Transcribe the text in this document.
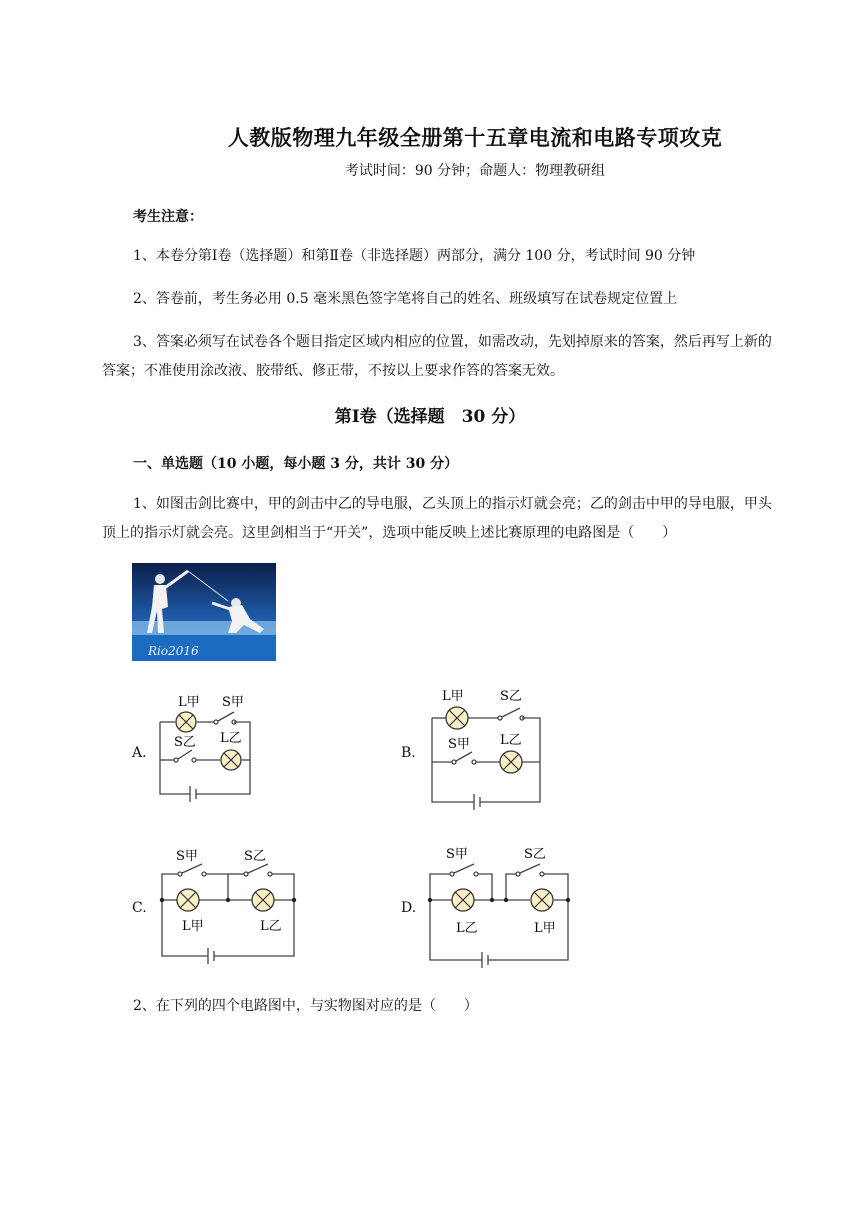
人教版物理九年级全册第十五章电流和电路专项攻克
考试时间：90 分钟；命题人：物理教研组
考生注意：
1、本卷分第Ⅰ卷（选择题）和第Ⅱ卷（非选择题）两部分，满分 100 分，考试时间 90 分钟
2、答卷前，考生务必用 0.5 毫米黑色签字笔将自己的姓名、班级填写在试卷规定位置上
3、答案必须写在试卷各个题目指定区域内相应的位置，如需改动，先划掉原来的答案，然后再写上新的答案；不准使用涂改液、胶带纸、修正带，不按以上要求作答的答案无效。
第Ⅰ卷（选择题　30 分）
一、单选题（10 小题，每小题 3 分，共计 30 分）
1、如图击剑比赛中，甲的剑击中乙的导电服，乙头顶上的指示灯就会亮；乙的剑击中甲的导电服，甲头顶上的指示灯就会亮。这里剑相当于“开关”，选项中能反映上述比赛原理的电路图是（　　）
Rio2016
A.
L甲 S甲
S乙 L乙
B.
L甲	S乙
S甲 L乙
C.
S甲	S乙
L甲	L乙
D.
S甲	S乙
L乙	L甲
2、在下列的四个电路图中，与实物图对应的是（　　）
